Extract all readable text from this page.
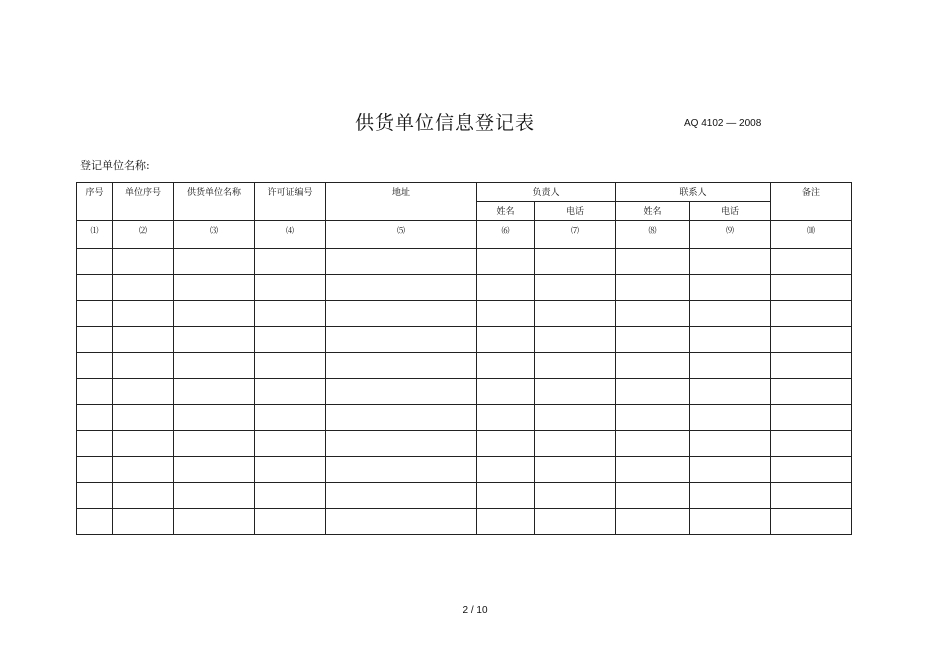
供货单位信息登记表	AQ 4102 — 2008
登记单位名称:
序号	单位序号	供货单位名称	许可证编号	地址	负责人		联系人		备注
					姓名	电话	姓名	电话	
⑴	⑵	⑶	⑷	⑸	⑹	⑺	⑻	⑼	⑽

2 / 10
